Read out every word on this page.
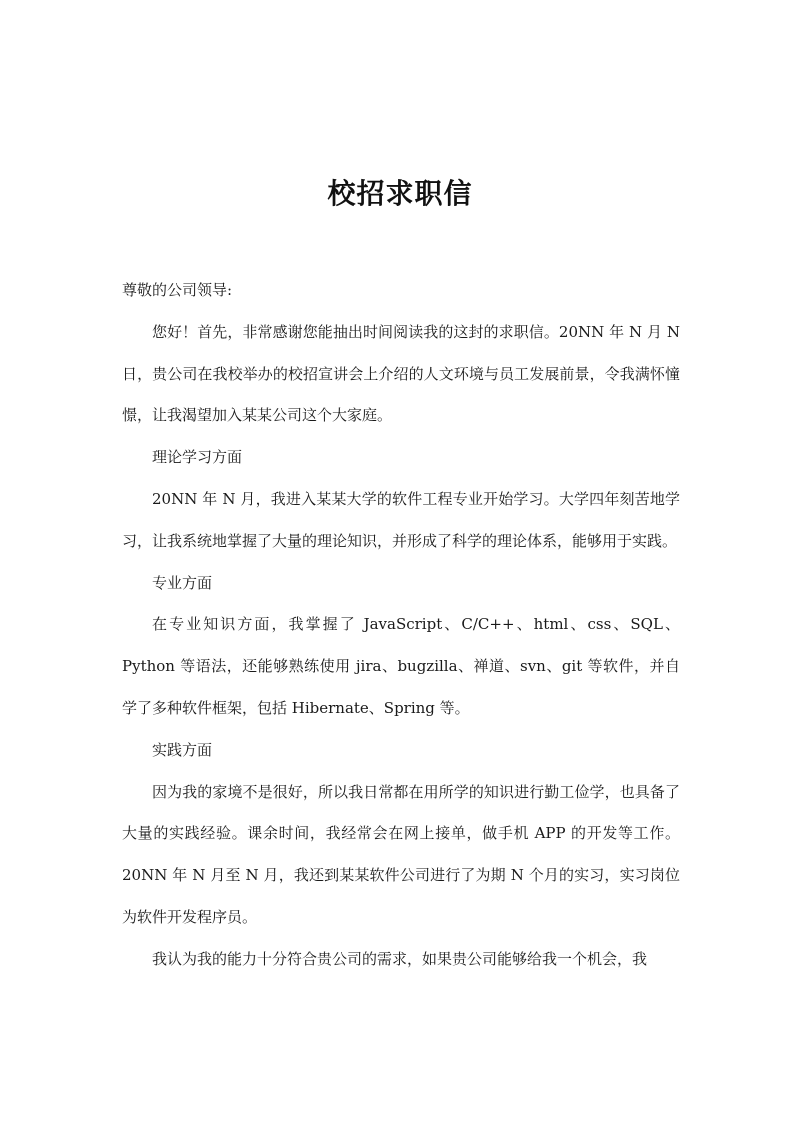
校招求职信

尊敬的公司领导:

您好！首先，非常感谢您能抽出时间阅读我的这封的求职信。20NN 年 N 月 N 日，贵公司在我校举办的校招宣讲会上介绍的人文环境与员工发展前景，令我满怀憧憬，让我渴望加入某某公司这个大家庭。

理论学习方面

20NN 年 N 月，我进入某某大学的软件工程专业开始学习。大学四年刻苦地学习，让我系统地掌握了大量的理论知识，并形成了科学的理论体系，能够用于实践。

专业方面

在专业知识方面，我掌握了 JavaScript、C/C++、html、css、SQL、Python 等语法，还能够熟练使用 jira、bugzilla、禅道、svn、git 等软件，并自学了多种软件框架，包括 Hibernate、Spring 等。

实践方面

因为我的家境不是很好，所以我日常都在用所学的知识进行勤工俭学，也具备了大量的实践经验。课余时间，我经常会在网上接单，做手机 APP 的开发等工作。20NN 年 N 月至 N 月，我还到某某软件公司进行了为期 N 个月的实习，实习岗位为软件开发程序员。

我认为我的能力十分符合贵公司的需求，如果贵公司能够给我一个机会，我
